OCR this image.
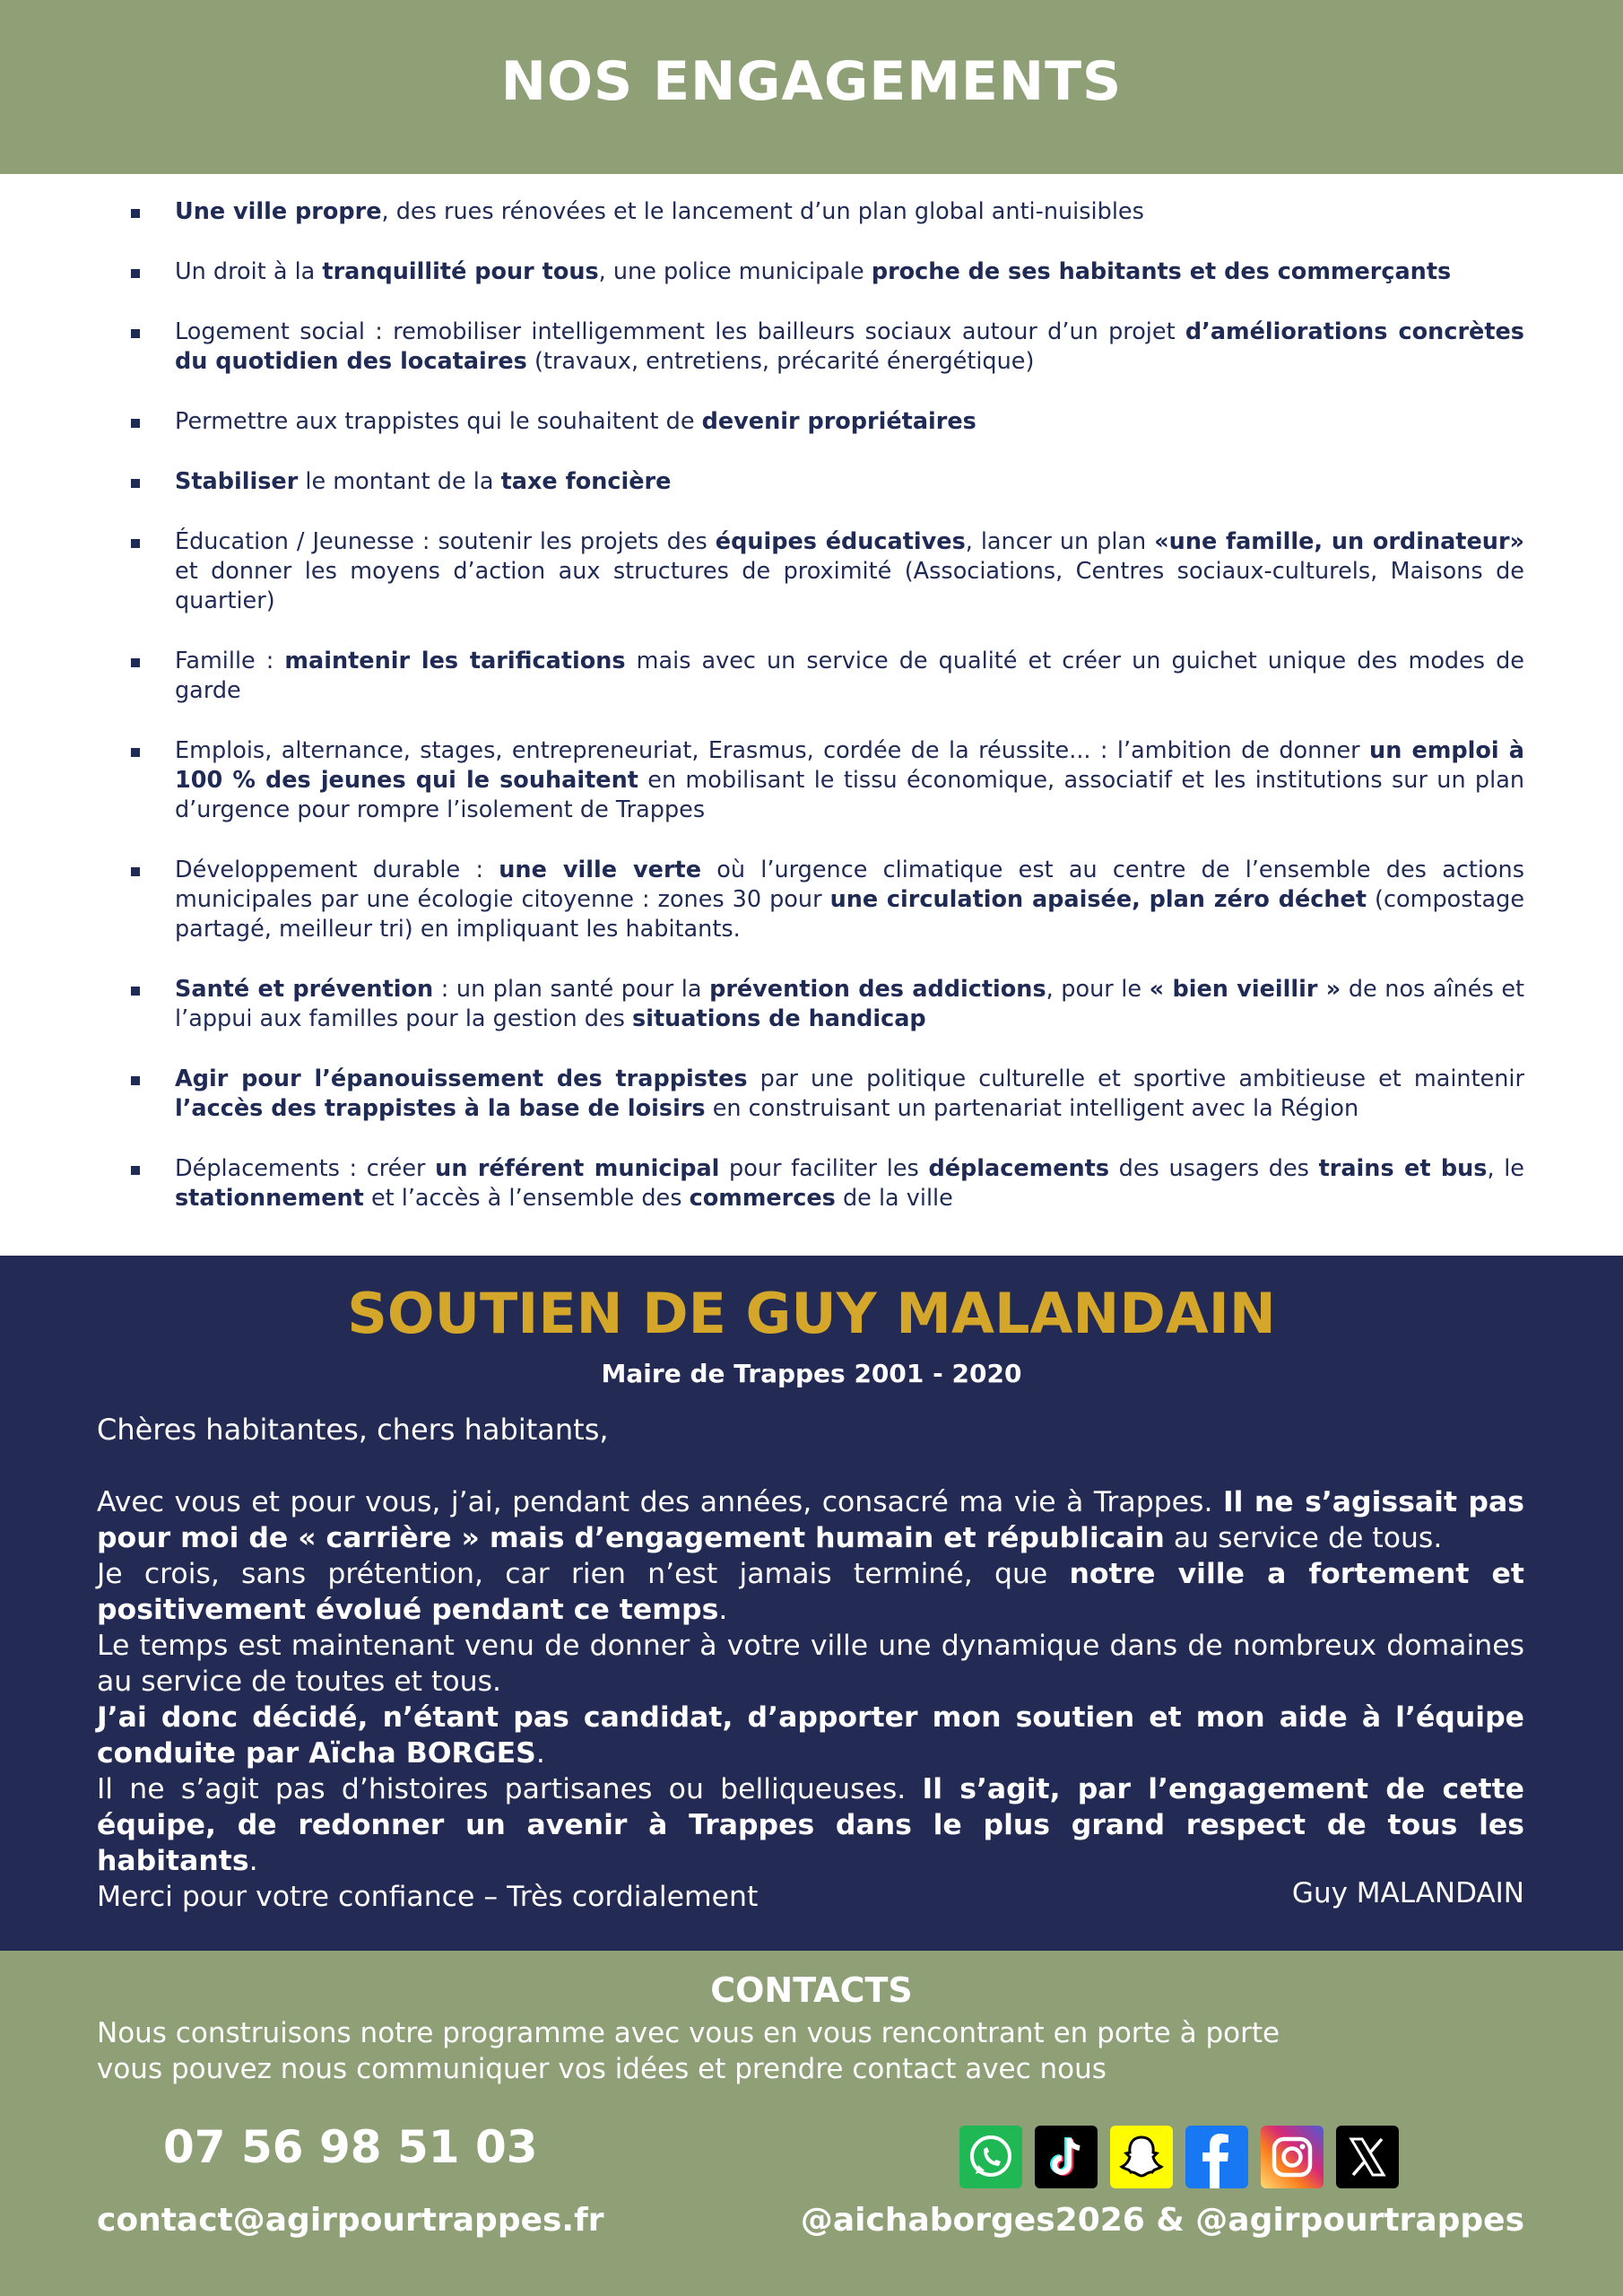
NOS ENGAGEMENTS
Une ville propre, des rues rénovées et le lancement d’un plan global anti-nuisibles
Un droit à la tranquillité pour tous, une police municipale proche de ses habitants et des commerçants
Logement social : remobiliser intelligemment les bailleurs sociaux autour d’un projet d’améliorations concrètes du quotidien des locataires (travaux, entretiens, précarité énergétique)
Permettre aux trappistes qui le souhaitent de devenir propriétaires
Stabiliser le montant de la taxe foncière
Éducation / Jeunesse : soutenir les projets des équipes éducatives, lancer un plan «une famille, un ordinateur» et donner les moyens d’action aux structures de proximité (Associations, Centres sociaux-culturels, Maisons de quartier)
Famille : maintenir les tarifications mais avec un service de qualité et créer un guichet unique des modes de garde
Emplois, alternance, stages, entrepreneuriat, Erasmus, cordée de la réussite... : l’ambition de donner un emploi à 100 % des jeunes qui le souhaitent en mobilisant le tissu économique, associatif et les institutions sur un plan d’urgence pour rompre l’isolement de Trappes
Développement durable : une ville verte où l’urgence climatique est au centre de l’ensemble des actions municipales par une écologie citoyenne : zones 30 pour une circulation apaisée, plan zéro déchet (compostage partagé, meilleur tri) en impliquant les habitants.
Santé et prévention : un plan santé pour la prévention des addictions, pour le « bien vieillir » de nos aînés et l’appui aux familles pour la gestion des situations de handicap
Agir pour l’épanouissement des trappistes par une politique culturelle et sportive ambitieuse et maintenir l’accès des trappistes à la base de loisirs en construisant un partenariat intelligent avec la Région
Déplacements : créer un référent municipal pour faciliter les déplacements des usagers des trains et bus, le stationnement et l’accès à l’ensemble des commerces de la ville
SOUTIEN DE GUY MALANDAIN
Maire de Trappes 2001 - 2020
Chères habitantes, chers habitants,

Avec vous et pour vous, j’ai, pendant des années, consacré ma vie à Trappes. Il ne s’agissait pas pour moi de « carrière » mais d’engagement humain et républicain au service de tous.

Je crois, sans prétention, car rien n’est jamais terminé, que notre ville a fortement et positivement évolué pendant ce temps.

Le temps est maintenant venu de donner à votre ville une dynamique dans de nombreux domaines au service de toutes et tous.

J’ai donc décidé, n’étant pas candidat, d’apporter mon soutien et mon aide à l’équipe conduite par Aïcha BORGES.

Il ne s’agit pas d’histoires partisanes ou belliqueuses. Il s’agit, par l’engagement de cette équipe, de redonner un avenir à Trappes dans le plus grand respect de tous les habitants.

Merci pour votre confiance – Très cordialement	Guy MALANDAIN
CONTACTS
Nous construisons notre programme avec vous en vous rencontrant en porte à porte
vous pouvez nous communiquer vos idées et prendre contact avec nous
07 56 98 51 03
contact@agirpourtrappes.fr	@aichaborges2026 & @agirpourtrappes
